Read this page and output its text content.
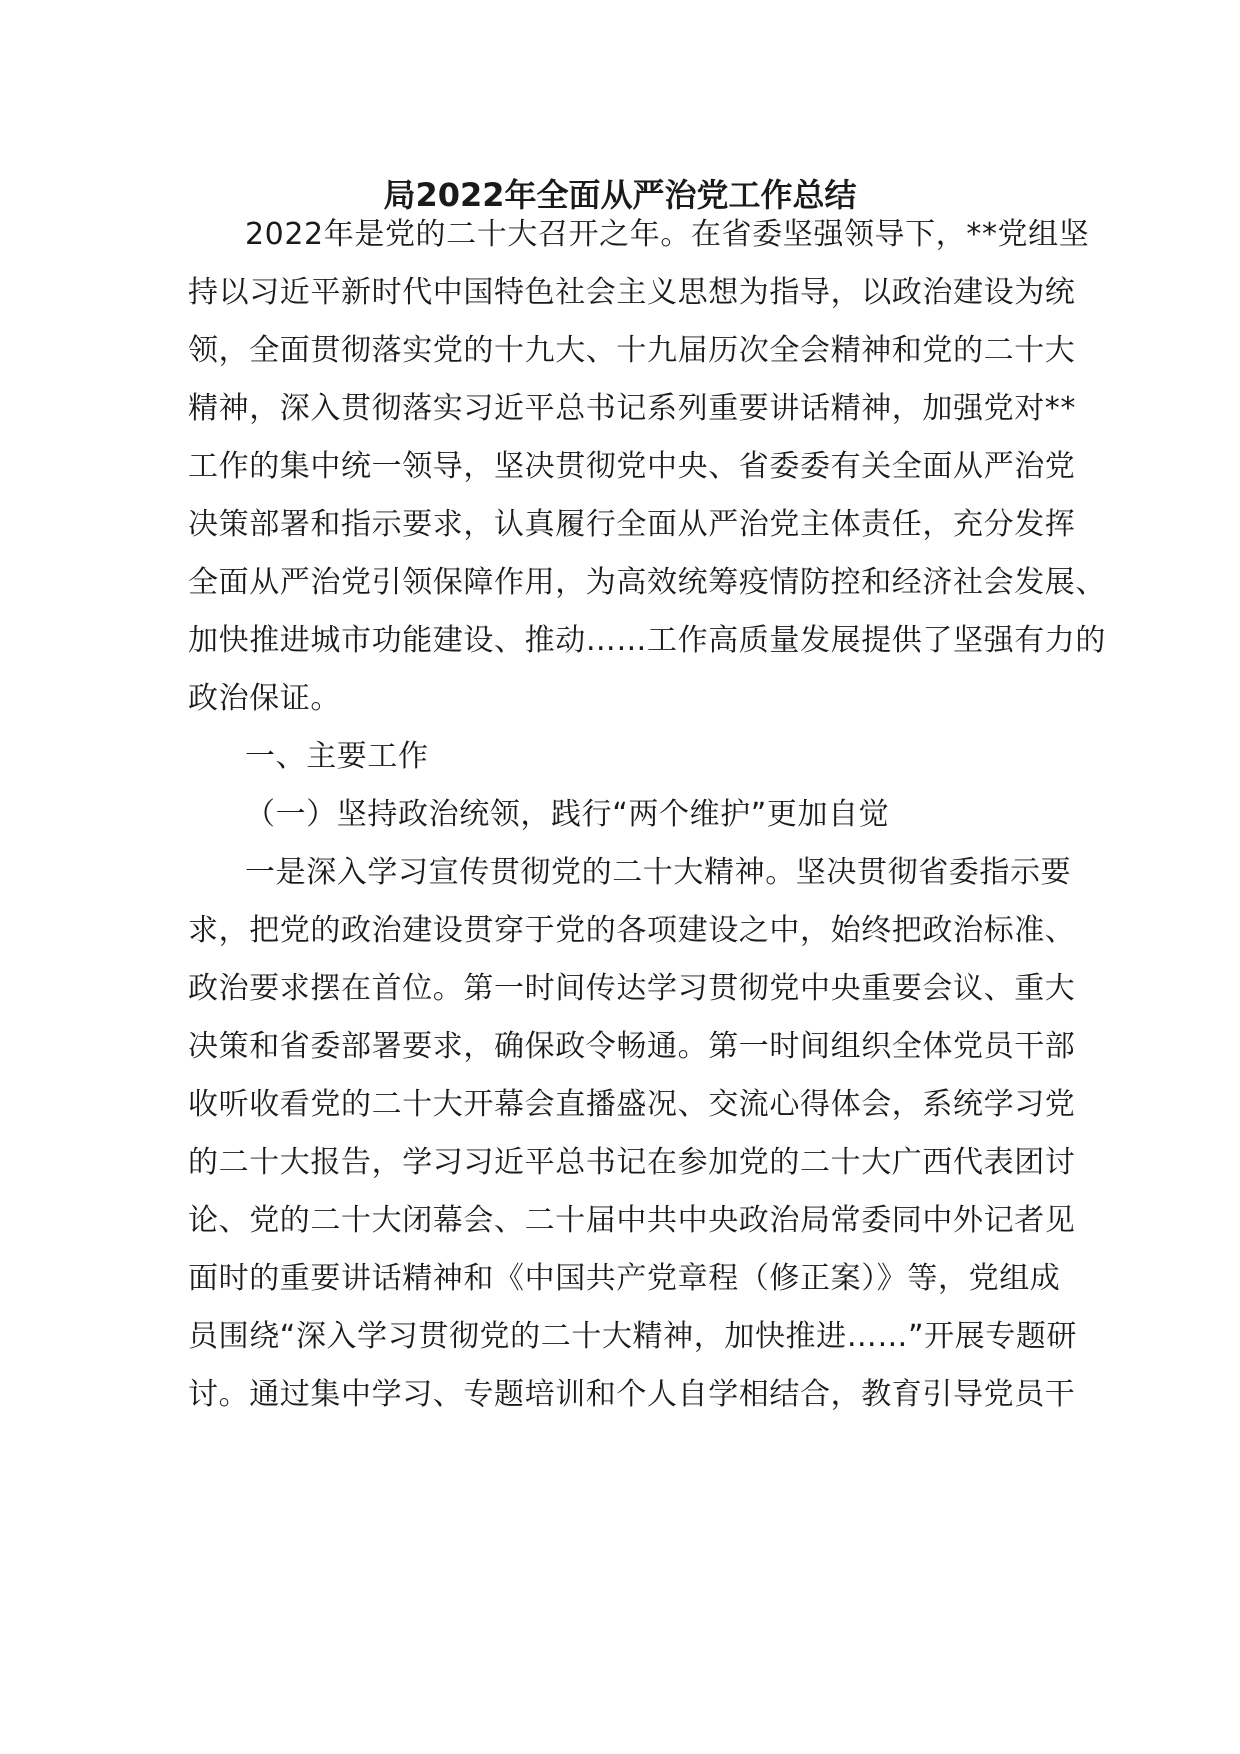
局2022年全面从严治党工作总结
2022年是党的二十大召开之年。在省委坚强领导下，**党组坚
持以习近平新时代中国特色社会主义思想为指导，以政治建设为统
领，全面贯彻落实党的十九大、十九届历次全会精神和党的二十大
精神，深入贯彻落实习近平总书记系列重要讲话精神，加强党对**
工作的集中统一领导，坚决贯彻党中央、省委委有关全面从严治党
决策部署和指示要求，认真履行全面从严治党主体责任，充分发挥
全面从严治党引领保障作用，为高效统筹疫情防控和经济社会发展、
加快推进城市功能建设、推动……工作高质量发展提供了坚强有力的
政治保证。
一、主要工作
（一）坚持政治统领，践行“两个维护”更加自觉
一是深入学习宣传贯彻党的二十大精神。坚决贯彻省委指示要
求，把党的政治建设贯穿于党的各项建设之中，始终把政治标准、
政治要求摆在首位。第一时间传达学习贯彻党中央重要会议、重大
决策和省委部署要求，确保政令畅通。第一时间组织全体党员干部
收听收看党的二十大开幕会直播盛况、交流心得体会，系统学习党
的二十大报告，学习习近平总书记在参加党的二十大广西代表团讨
论、党的二十大闭幕会、二十届中共中央政治局常委同中外记者见
面时的重要讲话精神和《中国共产党章程（修正案）》等，党组成
员围绕“深入学习贯彻党的二十大精神，加快推进……”开展专题研
讨。通过集中学习、专题培训和个人自学相结合，教育引导党员干
